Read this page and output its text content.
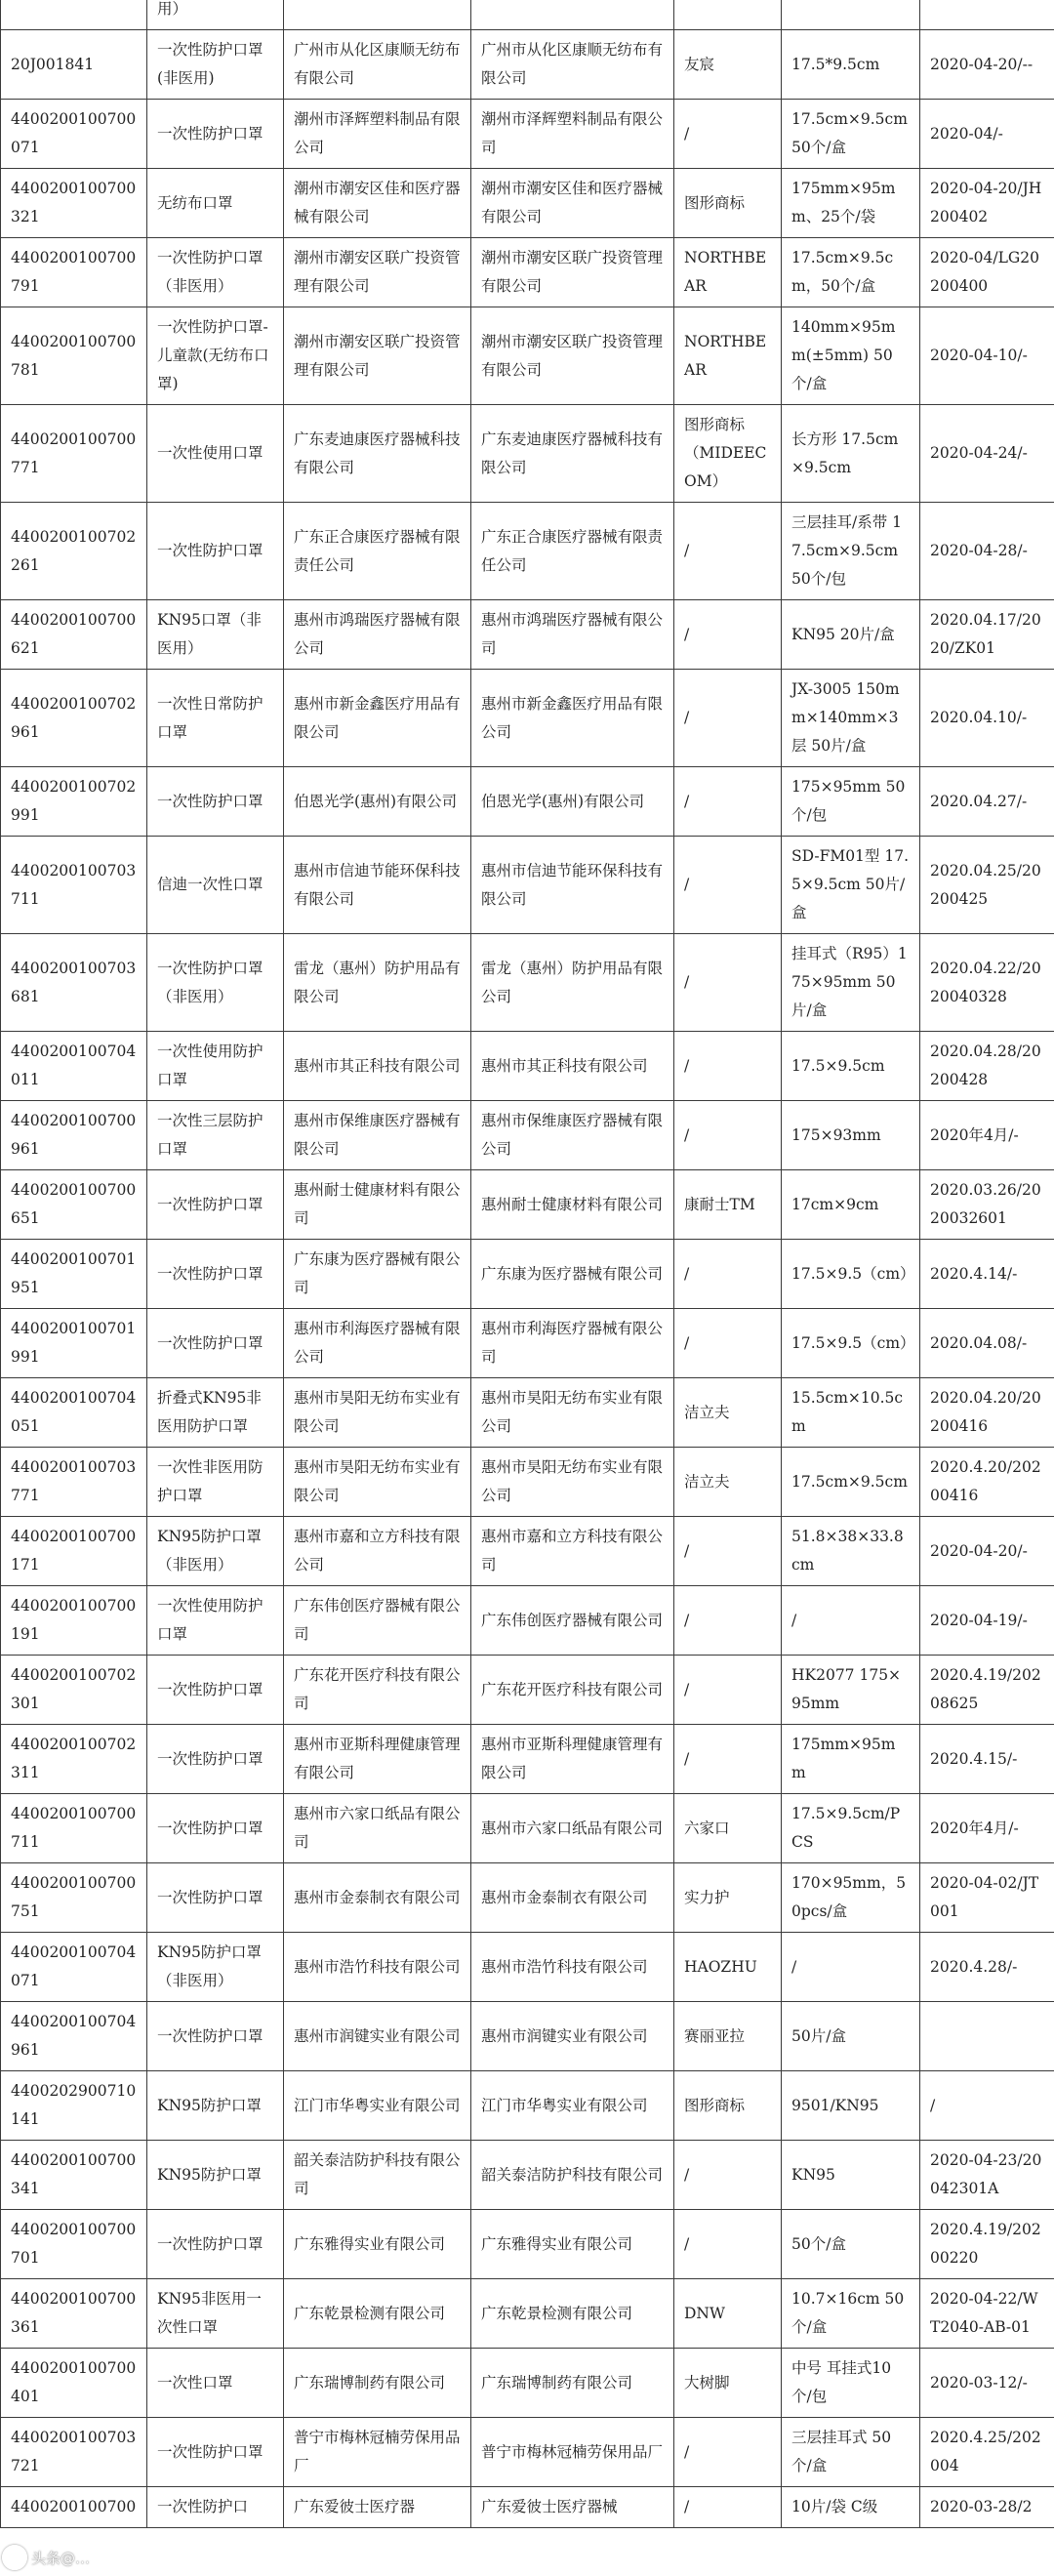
	用）					
20J001841	一次性防护口罩(非医用)	广州市从化区康顺无纺布有限公司	广州市从化区康顺无纺布有限公司	友宸	17.5*9.5cm	2020-04-20/--
4400200100700071	一次性防护口罩	潮州市泽辉塑料制品有限公司	潮州市泽辉塑料制品有限公司	/	17.5cm×9.5cm 50个/盒	2020-04/-
4400200100700321	无纺布口罩	潮州市潮安区佳和医疗器械有限公司	潮州市潮安区佳和医疗器械有限公司	图形商标	175mm×95mm、25个/袋	2020-04-20/JH200402
4400200100700791	一次性防护口罩（非医用）	潮州市潮安区联广投资管理有限公司	潮州市潮安区联广投资管理有限公司	NORTHBEAR	17.5cm×9.5cm，50个/盒	2020-04/LG20200400
4400200100700781	一次性防护口罩-儿童款(无纺布口罩)	潮州市潮安区联广投资管理有限公司	潮州市潮安区联广投资管理有限公司	NORTHBEAR	140mm×95mm(±5mm) 50个/盒	2020-04-10/-
4400200100700771	一次性使用口罩	广东麦迪康医疗器械科技有限公司	广东麦迪康医疗器械科技有限公司	图形商标（MIDEECOM）	长方形 17.5cm×9.5cm	2020-04-24/-
4400200100702261	一次性防护口罩	广东正合康医疗器械有限责任公司	广东正合康医疗器械有限责任公司	/	三层挂耳/系带 17.5cm×9.5cm 50个/包	2020-04-28/-
4400200100700621	KN95口罩（非医用）	惠州市鸿瑞医疗器械有限公司	惠州市鸿瑞医疗器械有限公司	/	KN95 20片/盒	2020.04.17/2020/ZK01
4400200100702961	一次性日常防护口罩	惠州市新金鑫医疗用品有限公司	惠州市新金鑫医疗用品有限公司	/	JX-3005 150mm×140mm×3层 50片/盒	2020.04.10/-
4400200100702991	一次性防护口罩	伯恩光学(惠州)有限公司	伯恩光学(惠州)有限公司	/	175×95mm 50个/包	2020.04.27/-
4400200100703711	信迪一次性口罩	惠州市信迪节能环保科技有限公司	惠州市信迪节能环保科技有限公司	/	SD-FM01型 17.5×9.5cm 50片/盒	2020.04.25/20200425
4400200100703681	一次性防护口罩（非医用）	雷龙（惠州）防护用品有限公司	雷龙（惠州）防护用品有限公司	/	挂耳式（R95）175×95mm 50片/盒	2020.04.22/20200403​28
4400200100704011	一次性使用防护口罩	惠州市其正科技有限公司	惠州市其正科技有限公司	/	17.5×9.5cm	2020.04.28/20200428
4400200100700961	一次性三层防护口罩	惠州市保维康医疗器械有限公司	惠州市保维康医疗器械有限公司	/	175×93mm	2020年4月/-
4400200100700651	一次性防护口罩	惠州耐士健康材料有限公司	惠州耐士健康材料有限公司	康耐士TM	17cm×9cm	2020.03.26/2020032601
4400200100701951	一次性防护口罩	广东康为医疗器械有限公司	广东康为医疗器械有限公司	/	17.5×9.5（cm）	2020.4.14/-
4400200100701991	一次性防护口罩	惠州市利海医疗器械有限公司	惠州市利海医疗器械有限公司	/	17.5×9.5（cm）	2020.04.08/-
4400200100704051	折叠式KN95非医用防护口罩	惠州市昊阳无纺布实业有限公司	惠州市昊阳无纺布实业有限公司	洁立夫	15.5cm×10.5cm	2020.04.20/20200416
4400200100703771	一次性非医用防护口罩	惠州市昊阳无纺布实业有限公司	惠州市昊阳无纺布实业有限公司	洁立夫	17.5cm×9.5cm	2020.4.20/20200416
4400200100700171	KN95防护口罩（非医用）	惠州市嘉和立方科技有限公司	惠州市嘉和立方科技有限公司	/	51.8×38×33.8cm	2020-04-20/-
4400200100700191	一次性使用防护口罩	广东伟创医疗器械有限公司	广东伟创医疗器械有限公司	/	/	2020-04-19/-
4400200100702301	一次性防护口罩	广东花开医疗科技有限公司	广东花开医疗科技有限公司	/	HK2077 175×95mm	2020.4.19/20208625
4400200100702311	一次性防护口罩	惠州市亚斯科理健康管理有限公司	惠州市亚斯科理健康管理有限公司	/	175mm×95mm	2020.4.15/-
4400200100700711	一次性防护口罩	惠州市六家口纸品有限公司	惠州市六家口纸品有限公司	六家口	17.5×9.5cm/PCS	2020年4月/-
4400200100700751	一次性防护口罩	惠州市金泰制衣有限公司	惠州市金泰制衣有限公司	实力护	170×95mm，50pcs/盒	2020-04-02/JT001
4400200100704071	KN95防护口罩（非医用）	惠州市浩竹科技有限公司	惠州市浩竹科技有限公司	HAOZHU	/	2020.4.28/-
4400200100704961	一次性防护口罩	惠州市润键实业有限公司	惠州市润键实业有限公司	赛丽亚拉	50片/盒	
4400202900710141	KN95防护口罩	江门市华粤实业有限公司	江门市华粤实业有限公司	图形商标	9501/KN95	/
4400200100700341	KN95防护口罩	韶关泰洁防护科技有限公司	韶关泰洁防护科技有限公司	/	KN95	2020-04-23/20042301A
4400200100700701	一次性防护口罩	广东雅得实业有限公司	广东雅得实业有限公司	/	50个/盒	2020.4.19/20200220
4400200100700361	KN95非医用一次性口罩	广东乾景检测有限公司	广东乾景检测有限公司	DNW	10.7×16cm 50个/盒	2020-04-22/WT2040-AB-01
4400200100700401	一次性口罩	广东瑞博制药有限公司	广东瑞博制药有限公司	大树脚	中号 耳挂式10个/包	2020-03-12/-
4400200100703721	一次性防护口罩	普宁市梅林冠楠劳保用品厂	普宁市梅林冠楠劳保用品厂	/	三层挂耳式 50个/盒	2020.4.25/202004
4400200100700	一次性防护口	广东爱彼士医疗器	广东爱彼士医疗器械	/	10片/袋 C级	2020-03-28/2
头条@…
